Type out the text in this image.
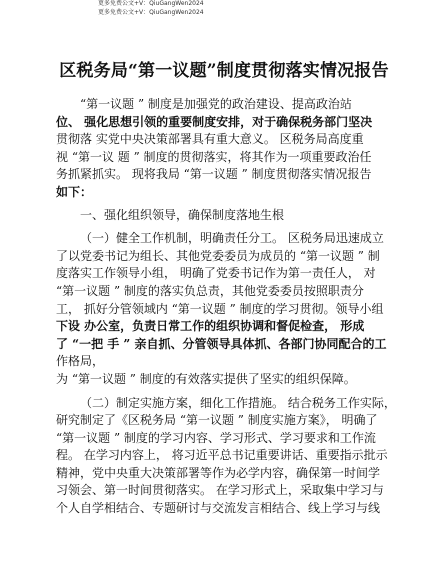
更多免费公文+V：QiuGangWen2024
更多免费公文+V：QiuGangWen2024
区税务局“第一议题”制度贯彻落实情况报告
“第一议题 ” 制度是加强党的政治建设、提高政治站
位、 强化思想引领的重要制度安排，对于确保税务部门坚决
贯彻落 实党中央决策部署具有重大意义。 区税务局高度重
视 “第一议 题 ” 制度的贯彻落实，将其作为一项重要政治任
务抓紧抓实。 现将我局 “第一议题 ” 制度贯彻落实情况报告
如下：
一、强化组织领导，确保制度落地生根
（一）健全工作机制，明确责任分工。 区税务局迅速成立
了以党委书记为组长、其他党委委员为成员的 “第一议题 ” 制
度落实工作领导小组， 明确了党委书记作为第一责任人， 对
“第一议题 ” 制度的落实负总责，其他党委委员按照职责分
工， 抓好分管领域内 “第一议题 ” 制度的学习贯彻。领导小组
下设 办公室，负责日常工作的组织协调和督促检查， 形成
了 “一把 手 ” 亲自抓、分管领导具体抓、各部门协同配合的工
作格局，
为 “第一议题 ” 制度的有效落实提供了坚实的组织保障。
（二）制定实施方案，细化工作措施。 结合税务工作实际，
研究制定了《区税务局 “第一议题 ” 制度实施方案》， 明确了
“第一议题 ” 制度的学习内容、学习形式、学习要求和工作流
程。 在学习内容上， 将习近平总书记重要讲话、重要指示批示
精神，党中央重大决策部署等作为必学内容，确保第一时间学
习领会、第一时间贯彻落实。 在学习形式上，采取集中学习与
个人自学相结合、专题研讨与交流发言相结合、线上学习与线
